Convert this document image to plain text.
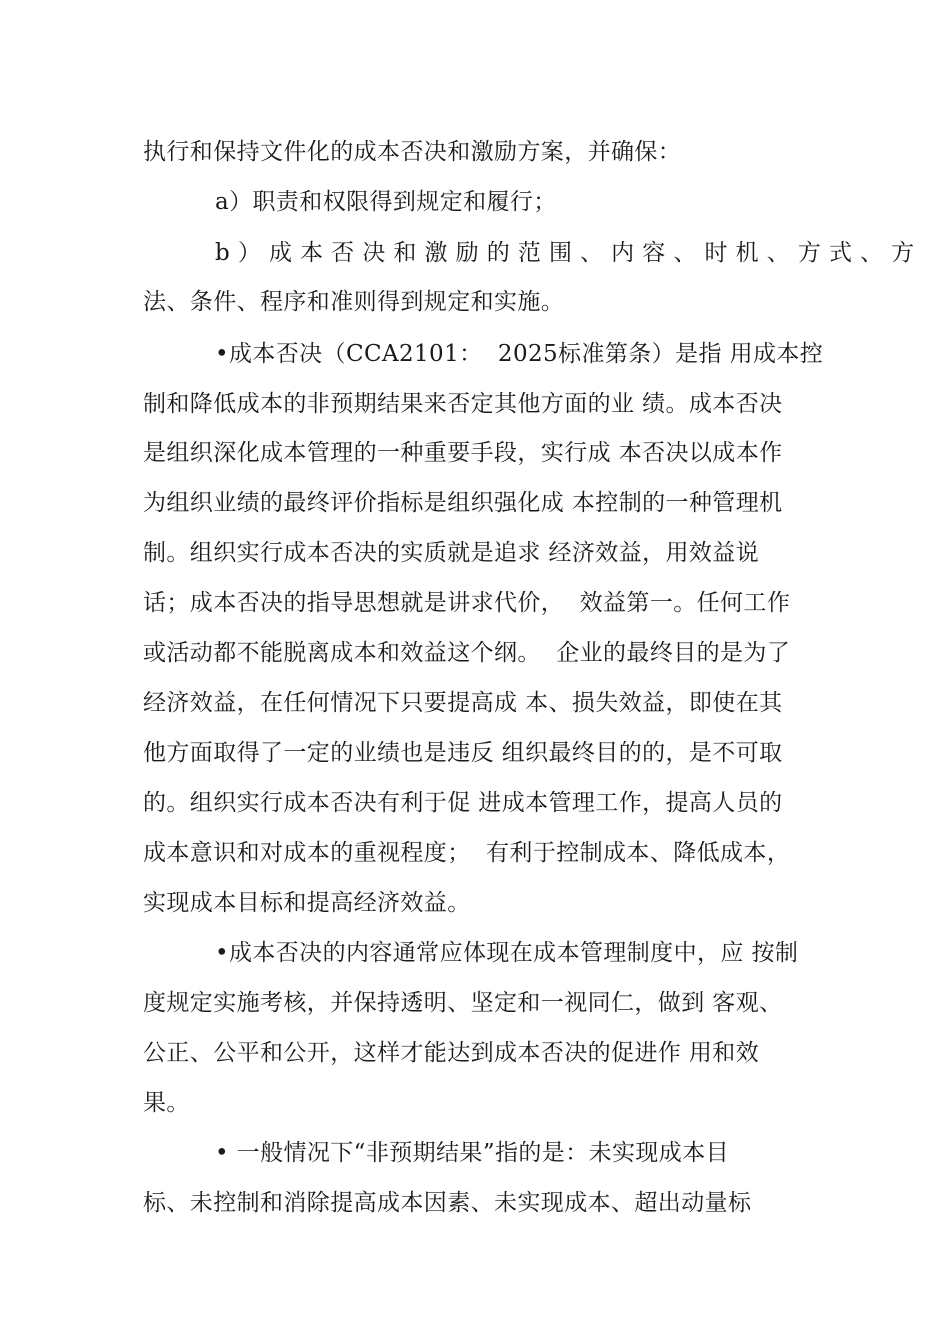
执行和保持文件化的成本否决和激励方案，并确保：
a）职责和权限得到规定和履行；
b ） 成 本 否 决 和 激 励 的 范 围 、 内 容 、 时 机 、 方 式 、 方
法、条件、程序和准则得到规定和实施。
•成本否决（CCA2101：  2025标准第条）是指 用成本控
制和降低成本的非预期结果来否定其他方面的业 绩。成本否决
是组织深化成本管理的一种重要手段，实行成 本否决以成本作
为组织业绩的最终评价指标是组织强化成 本控制的一种管理机
制。组织实行成本否决的实质就是追求 经济效益，用效益说
话；成本否决的指导思想就是讲求代价，  效益第一。任何工作
或活动都不能脱离成本和效益这个纲。  企业的最终目的是为了
经济效益，在任何情况下只要提高成 本、损失效益，即使在其
他方面取得了一定的业绩也是违反 组织最终目的的，是不可取
的。组织实行成本否决有利于促 进成本管理工作，提高人员的
成本意识和对成本的重视程度；  有利于控制成本、降低成本，
实现成本目标和提高经济效益。
•成本否决的内容通常应体现在成本管理制度中，应 按制
度规定实施考核，并保持透明、坚定和一视同仁，做到 客观、
公正、公平和公开，这样才能达到成本否决的促进作 用和效
果。
• 一般情况下“非预期结果”指的是：未实现成本目
标、未控制和消除提高成本因素、未实现成本、超出动量标
